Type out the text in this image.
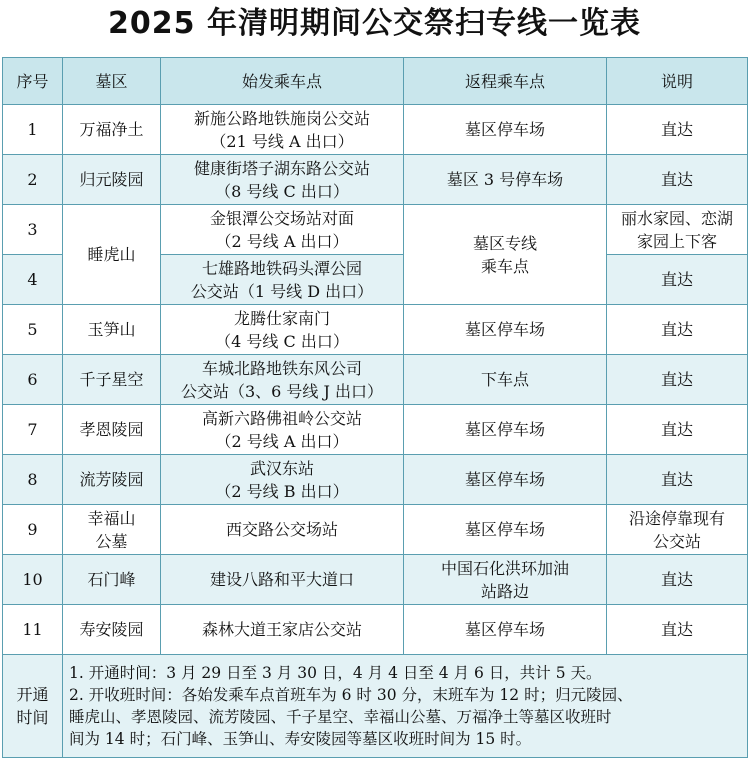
2025 年清明期间公交祭扫专线一览表
序号	墓区	始发乘车点	返程乘车点	说明
1	万福净土	新施公路地铁施岗公交站
（21 号线 A 出口）	墓区停车场	直达

2	归元陵园	健康街塔子湖东路公交站
（8 号线 C 出口）	墓区 3 号停车场	直达

3	睡虎山	金银潭公交场站对面
（2 号线 A 出口）	墓区专线
乘车点	丽水家园、恋湖
家园上下客

4		七雄路地铁码头潭公园
公交站（1 号线 D 出口）		直达

5	玉笋山	龙腾仕家南门
（4 号线 C 出口）	墓区停车场	直达

6	千子星空	车城北路地铁东风公司
公交站（3、6 号线 J 出口）	下车点	直达

7	孝恩陵园	高新六路佛祖岭公交站
（2 号线 A 出口）	墓区停车场	直达

8	流芳陵园	武汉东站
（2 号线 B 出口）	墓区停车场	直达

9	幸福山
公墓	西交路公交场站	墓区停车场	沿途停靠现有
公交站

10	石门峰	建设八路和平大道口	中国石化洪环加油
站路边	直达

11	寿安陵园	森林大道王家店公交站	墓区停车场	直达

开通
时间	1. 开通时间：3 月 29 日至 3 月 30 日，4 月 4 日至 4 月 6 日，共计 5 天。
2. 开收班时间：各始发乘车点首班车为 6 时 30 分，末班车为 12 时；归元陵园、
睡虎山、孝恩陵园、流芳陵园、千子星空、幸福山公墓、万福净土等墓区收班时
间为 14 时；石门峰、玉笋山、寿安陵园等墓区收班时间为 15 时。			
